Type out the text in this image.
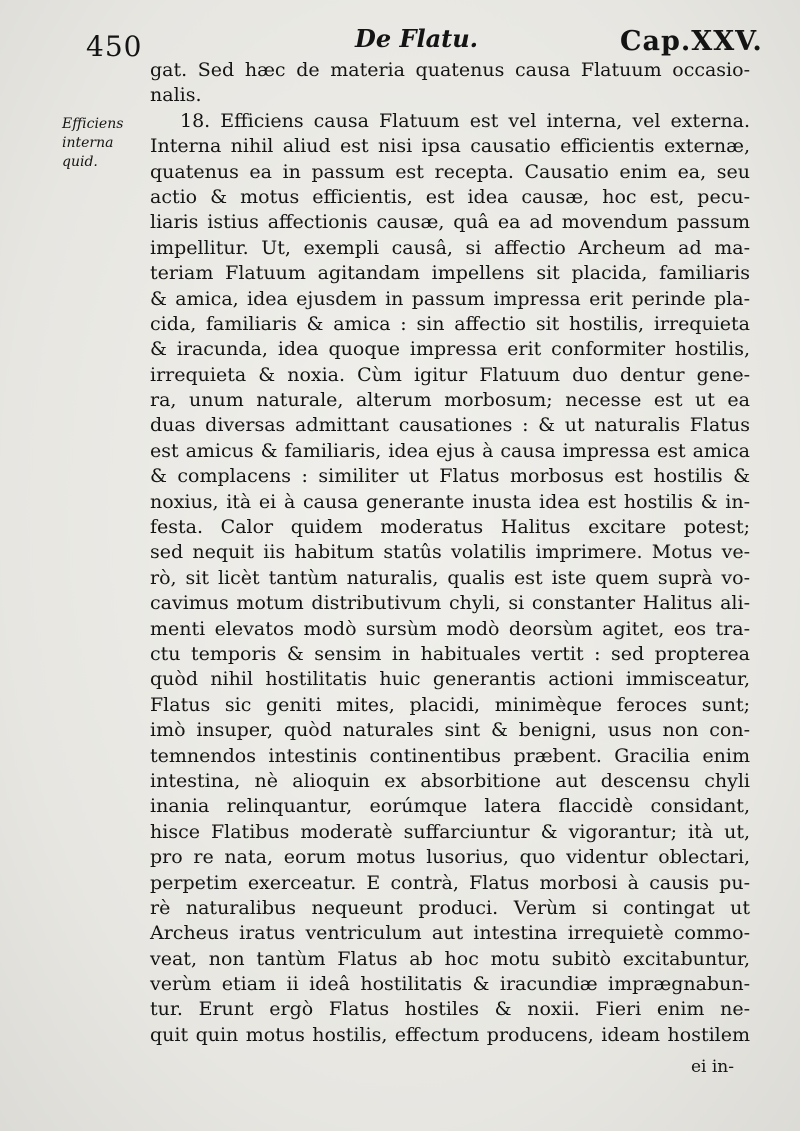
450	De Flatu.	Cap.XXV.
Efficiens
interna
quid.
gat. Sed hæc de materia quatenus causa Flatuum occasio-
nalis.
18. Efficiens causa Flatuum est vel interna, vel externa.
Interna nihil aliud est nisi ipsa causatio efficientis externæ,
quatenus ea in passum est recepta. Causatio enim ea, seu
actio & motus efficientis, est idea causæ, hoc est, pecu-
liaris istius affectionis causæ, quâ ea ad movendum passum
impellitur. Ut, exempli causâ, si affectio Archeum ad ma-
teriam Flatuum agitandam impellens sit placida, familiaris
& amica, idea ejusdem in passum impressa erit perinde pla-
cida, familiaris & amica : sin affectio sit hostilis, irrequieta
& iracunda, idea quoque impressa erit conformiter hostilis,
irrequieta & noxia. Cùm igitur Flatuum duo dentur gene-
ra, unum naturale, alterum morbosum; necesse est ut ea
duas diversas admittant causationes : & ut naturalis Flatus
est amicus & familiaris, idea ejus à causa impressa est amica
& complacens : similiter ut Flatus morbosus est hostilis &
noxius, ità ei à causa generante inusta idea est hostilis & in-
festa. Calor quidem moderatus Halitus excitare potest;
sed nequit iis habitum statûs volatilis imprimere. Motus ve-
rò, sit licèt tantùm naturalis, qualis est iste quem suprà vo-
cavimus motum distributivum chyli, si constanter Halitus ali-
menti elevatos modò sursùm modò deorsùm agitet, eos tra-
ctu temporis & sensim in habituales vertit : sed propterea
quòd nihil hostilitatis huic generantis actioni immisceatur,
Flatus sic geniti mites, placidi, minimèque feroces sunt;
imò insuper, quòd naturales sint & benigni, usus non con-
temnendos intestinis continentibus præbent. Gracilia enim
intestina, nè alioquin ex absorbitione aut descensu chyli
inania relinquantur, eorúmque latera flaccidè considant,
hisce Flatibus moderatè suffarciuntur & vigorantur; ità ut,
pro re nata, eorum motus lusorius, quo videntur oblectari,
perpetim exerceatur. E contrà, Flatus morbosi à causis pu-
rè naturalibus nequeunt produci. Verùm si contingat ut
Archeus iratus ventriculum aut intestina irrequietè commo-
veat, non tantùm Flatus ab hoc motu subitò excitabuntur,
verùm etiam ii ideâ hostilitatis & iracundiæ imprægnabun-
tur. Erunt ergò Flatus hostiles & noxii. Fieri enim ne-
quit quin motus hostilis, effectum producens, ideam hostilem
ei in-
